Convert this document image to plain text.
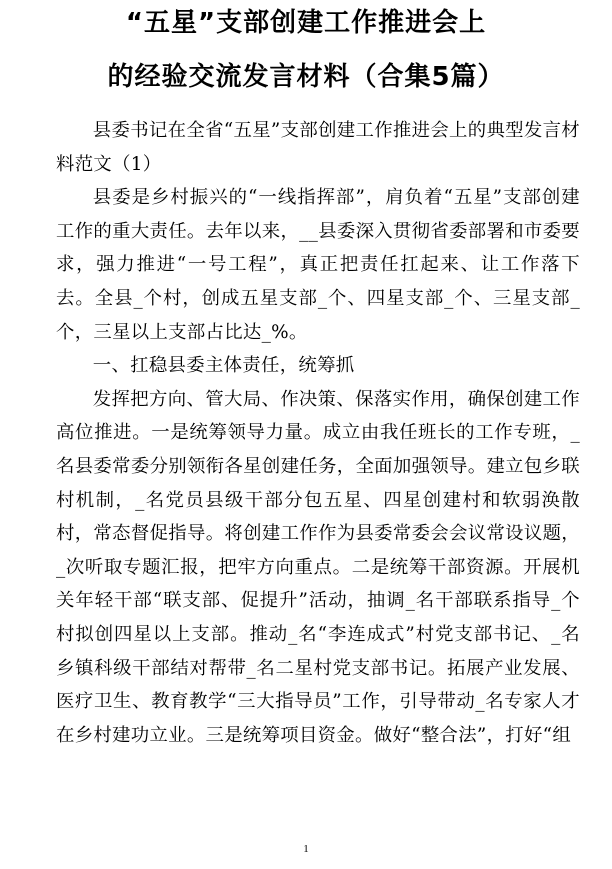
“五星”支部创建工作推进会上
的经验交流发言材料（合集5篇）

县委书记在全省“五星”支部创建工作推进会上的典型发言材料范文（1）

县委是乡村振兴的“一线指挥部”，肩负着“五星”支部创建工作的重大责任。去年以来，__县委深入贯彻省委部署和市委要求，强力推进“一号工程”，真正把责任扛起来、让工作落下去。全县_个村，创成五星支部_个、四星支部_个、三星支部_个，三星以上支部占比达_%。

一、扛稳县委主体责任，统筹抓

发挥把方向、管大局、作决策、保落实作用，确保创建工作高位推进。一是统筹领导力量。成立由我任班长的工作专班，_名县委常委分别领衔各星创建任务，全面加强领导。建立包乡联村机制，_名党员县级干部分包五星、四星创建村和软弱涣散村，常态督促指导。将创建工作作为县委常委会会议常设议题，_次听取专题汇报，把牢方向重点。二是统筹干部资源。开展机关年轻干部“联支部、促提升”活动，抽调_名干部联系指导_个村拟创四星以上支部。推动_名“李连成式”村党支部书记、_名乡镇科级干部结对帮带_名二星村党支部书记。拓展产业发展、医疗卫生、教育教学“三大指导员”工作，引导带动_名专家人才在乡村建功立业。三是统筹项目资金。做好“整合法”，打好“组

1
